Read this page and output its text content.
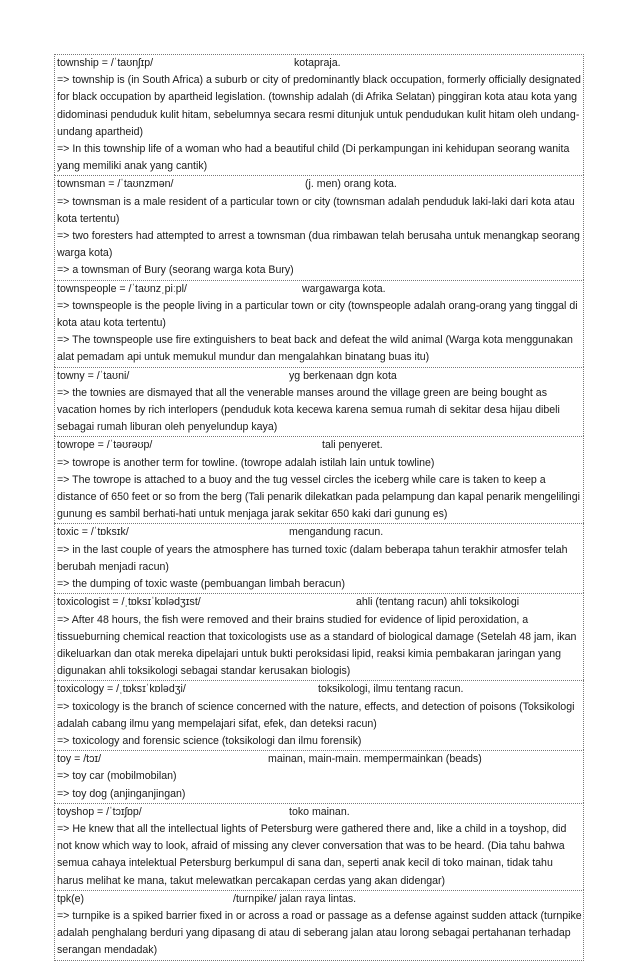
township = /ˈtaʊnʃɪp/	kotapraja.
=> township is (in South Africa) a suburb or city of predominantly black occupation, formerly officially designated for black occupation by apartheid legislation. (township adalah (di Afrika Selatan) pinggiran kota atau kota yang didominasi penduduk kulit hitam, sebelumnya secara resmi ditunjuk untuk pendudukan kulit hitam oleh undang-undang apartheid)
=> In this township life of a woman who had a beautiful child (Di perkampungan ini kehidupan seorang wanita yang memiliki anak yang cantik)
townsman = /ˈtaʊnzmən/	(j. men) orang kota.
=> townsman is a male resident of a particular town or city (townsman adalah penduduk laki-laki dari kota atau kota tertentu)
=> two foresters had attempted to arrest a townsman (dua rimbawan telah berusaha untuk menangkap seorang warga kota)
=> a townsman of Bury (seorang warga kota Bury)
townspeople = /ˈtaʊnzˌpiːpl/	wargawarga kota.
=> townspeople is the people living in a particular town or city (townspeople adalah orang-orang yang tinggal di kota atau kota tertentu)
=> The townspeople use fire extinguishers to beat back and defeat the wild animal (Warga kota menggunakan alat pemadam api untuk memukul mundur dan mengalahkan binatang buas itu)
towny = /ˈtaʊni/	yg berkenaan dgn kota
=> the townies are dismayed that all the venerable manses around the village green are being bought as vacation homes by rich interlopers (penduduk kota kecewa karena semua rumah di sekitar desa hijau dibeli sebagai rumah liburan oleh penyelundup kaya)
towrope = /ˈtəʊrəʊp/	tali penyeret.
=> towrope is another term for towline. (towrope adalah istilah lain untuk towline)
=> The towrope is attached to a buoy and the tug vessel circles the iceberg while care is taken to keep a distance of 650 feet or so from the berg (Tali penarik dilekatkan pada pelampung dan kapal penarik mengelilingi gunung es sambil berhati-hati untuk menjaga jarak sekitar 650 kaki dari gunung es)
toxic = /ˈtɒksɪk/	mengandung racun.
=> in the last couple of years the atmosphere has turned toxic (dalam beberapa tahun terakhir atmosfer telah berubah menjadi racun)
=> the dumping of toxic waste (pembuangan limbah beracun)
toxicologist = /ˌtɒksɪˈkɒlədʒɪst/	ahli (tentang racun) ahli toksikologi
=> After 48 hours, the fish were removed and their brains studied for evidence of lipid peroxidation, a tissueburning chemical reaction that toxicologists use as a standard of biological damage (Setelah 48 jam, ikan dikeluarkan dan otak mereka dipelajari untuk bukti peroksidasi lipid, reaksi kimia pembakaran jaringan yang digunakan ahli toksikologi sebagai standar kerusakan biologis)
toxicology = /ˌtɒksɪˈkɒlədʒi/	toksikologi, ilmu tentang racun.
=> toxicology is the branch of science concerned with the nature, effects, and detection of poisons (Toksikologi adalah cabang ilmu yang mempelajari sifat, efek, dan deteksi racun)
=> toxicology and forensic science (toksikologi dan ilmu forensik)
toy = /tɔɪ/	mainan, main-main. mempermainkan (beads)
=> toy car (mobilmobilan)
=> toy dog (anjinganjingan)
toyshop = /ˈtɔɪʃɒp/	toko mainan.
=> He knew that all the intellectual lights of Petersburg were gathered there and, like a child in a toyshop, did not know which way to look, afraid of missing any clever conversation that was to be heard. (Dia tahu bahwa semua cahaya intelektual Petersburg berkumpul di sana dan, seperti anak kecil di toko mainan, tidak tahu harus melihat ke mana, takut melewatkan percakapan cerdas yang akan didengar)
tpk(e)	/turnpike/ jalan raya lintas.
=> turnpike is a spiked barrier fixed in or across a road or passage as a defense against sudden attack (turnpike adalah penghalang berduri yang dipasang di atau di seberang jalan atau lorong sebagai pertahanan terhadap serangan mendadak)
